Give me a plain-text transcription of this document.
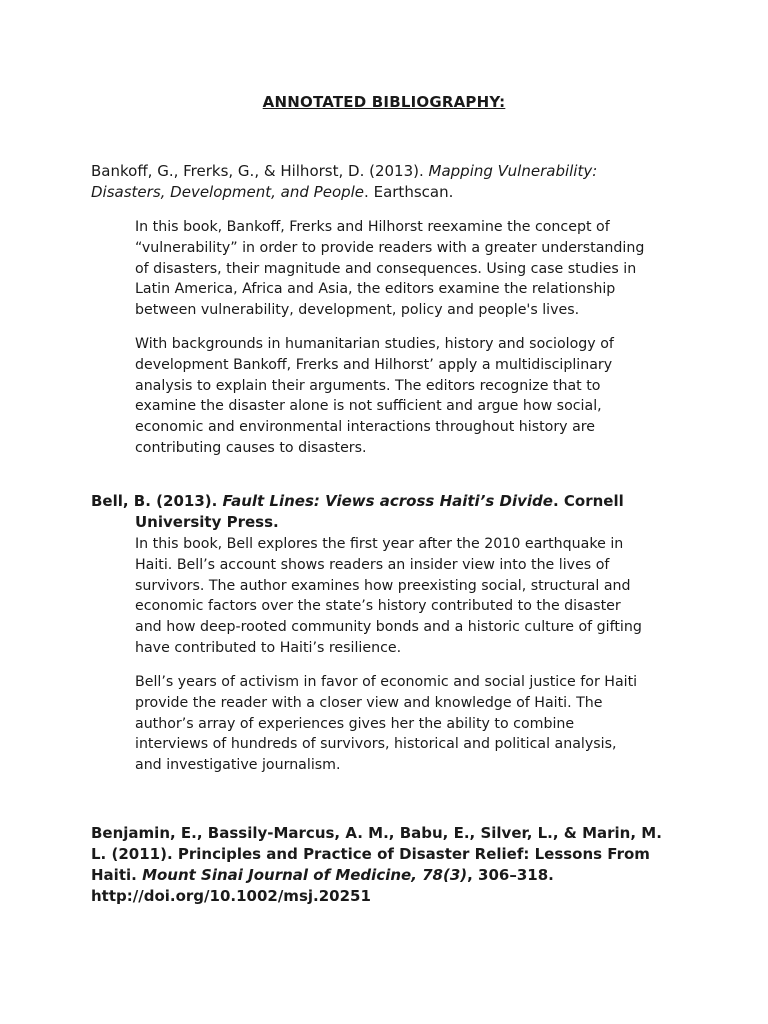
ANNOTATED BIBLIOGRAPHY:
Bankoff, G., Frerks, G., & Hilhorst, D. (2013). Mapping Vulnerability:
Disasters, Development, and People. Earthscan.
In this book, Bankoff, Frerks and Hilhorst reexamine the concept of
“vulnerability” in order to provide readers with a greater understanding
of disasters, their magnitude and consequences. Using case studies in
Latin America, Africa and Asia, the editors examine the relationship
between vulnerability, development, policy and people's lives.
With backgrounds in humanitarian studies, history and sociology of
development Bankoff, Frerks and Hilhorst’ apply a multidisciplinary
analysis to explain their arguments. The editors recognize that to
examine the disaster alone is not sufficient and argue how social,
economic and environmental interactions throughout history are
contributing causes to disasters.
Bell, B. (2013). Fault Lines: Views across Haiti’s Divide. Cornell
University Press.
In this book, Bell explores the first year after the 2010 earthquake in
Haiti. Bell’s account shows readers an insider view into the lives of
survivors. The author examines how preexisting social, structural and
economic factors over the state’s history contributed to the disaster
and how deep-rooted community bonds and a historic culture of gifting
have contributed to Haiti’s resilience.
Bell’s years of activism in favor of economic and social justice for Haiti
provide the reader with a closer view and knowledge of Haiti. The
author’s array of experiences gives her the ability to combine
interviews of hundreds of survivors, historical and political analysis,
and investigative journalism.
Benjamin, E., Bassily-Marcus, A. M., Babu, E., Silver, L., & Marin, M.
L. (2011). Principles and Practice of Disaster Relief: Lessons From
Haiti. Mount Sinai Journal of Medicine, 78(3), 306–318.
http://doi.org/10.1002/msj.20251
